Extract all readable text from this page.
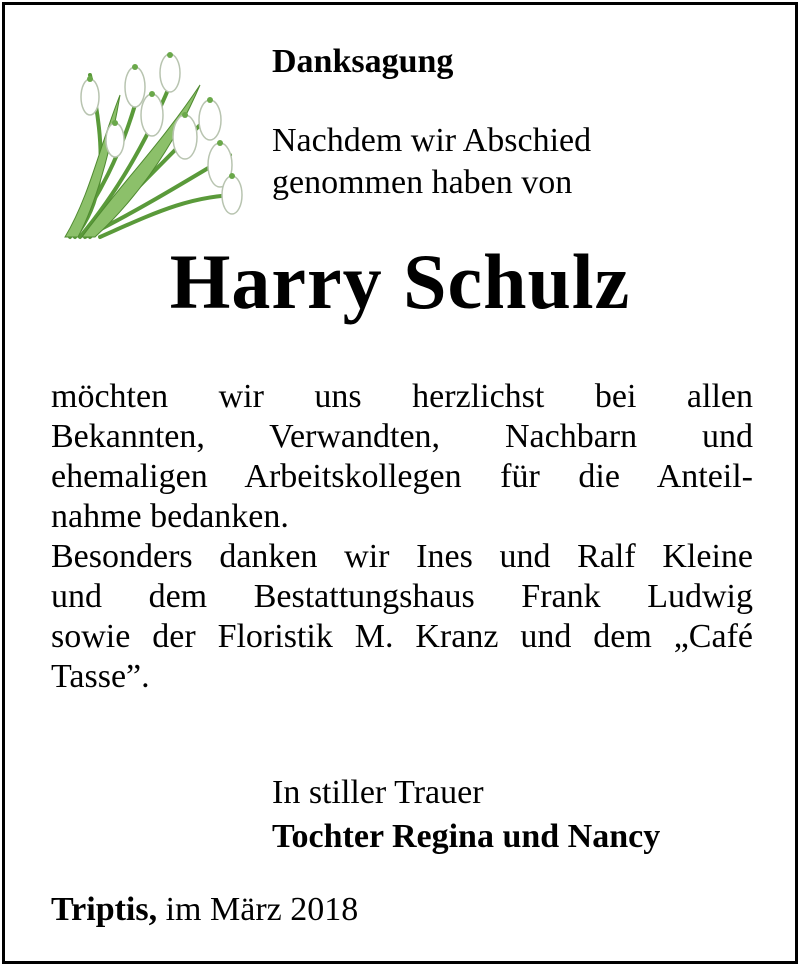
Danksagung
Nachdem wir Abschied
genommen haben von
Harry Schulz
möchten wir uns herzlichst bei allen
Bekannten, Verwandten, Nachbarn und
ehemaligen Arbeitskollegen für die Anteil-
nahme bedanken.
Besonders danken wir Ines und Ralf Kleine
und dem Bestattungshaus Frank Ludwig
sowie der Floristik M. Kranz und dem „Café
Tasse”.
In stiller Trauer
Tochter Regina und Nancy
Triptis, im März 2018
